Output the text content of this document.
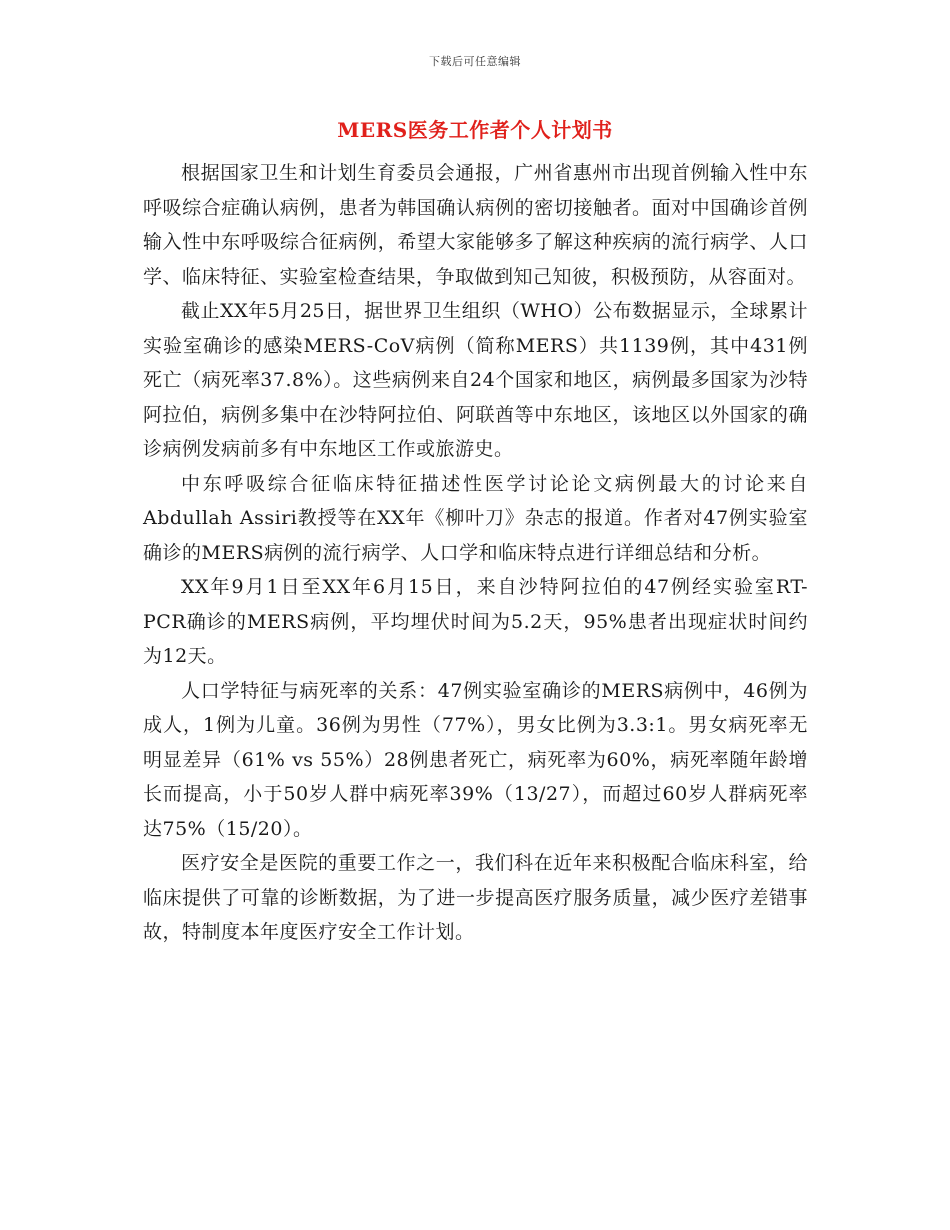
下载后可任意编辑
MERS医务工作者个人计划书

根据国家卫生和计划生育委员会通报，广州省惠州市出现首例输入性中东呼吸综合症确认病例，患者为韩国确认病例的密切接触者。面对中国确诊首例输入性中东呼吸综合征病例，希望大家能够多了解这种疾病的流行病学、人口学、临床特征、实验室检查结果，争取做到知己知彼，积极预防，从容面对。

截止XX年5月25日，据世界卫生组织（WHO）公布数据显示，全球累计实验室确诊的感染MERS-CoV病例（简称MERS）共1139例，其中431例死亡（病死率37.8%）。这些病例来自24个国家和地区，病例最多国家为沙特阿拉伯，病例多集中在沙特阿拉伯、阿联酋等中东地区，该地区以外国家的确诊病例发病前多有中东地区工作或旅游史。

中东呼吸综合征临床特征描述性医学讨论论文病例最大的讨论来自Abdullah Assiri教授等在XX年《柳叶刀》杂志的报道。作者对47例实验室确诊的MERS病例的流行病学、人口学和临床特点进行详细总结和分析。

XX年9月1日至XX年6月15日，来自沙特阿拉伯的47例经实验室RT-PCR确诊的MERS病例，平均埋伏时间为5.2天，95%患者出现症状时间约为12天。

人口学特征与病死率的关系：47例实验室确诊的MERS病例中，46例为成人，1例为儿童。36例为男性（77%），男女比例为3.3:1。男女病死率无明显差异（61% vs 55%）28例患者死亡，病死率为60%，病死率随年龄增长而提高，小于50岁人群中病死率39%（13/27），而超过60岁人群病死率达75%（15/20）。

医疗安全是医院的重要工作之一，我们科在近年来积极配合临床科室，给临床提供了可靠的诊断数据，为了进一步提高医疗服务质量，减少医疗差错事故，特制度本年度医疗安全工作计划。
